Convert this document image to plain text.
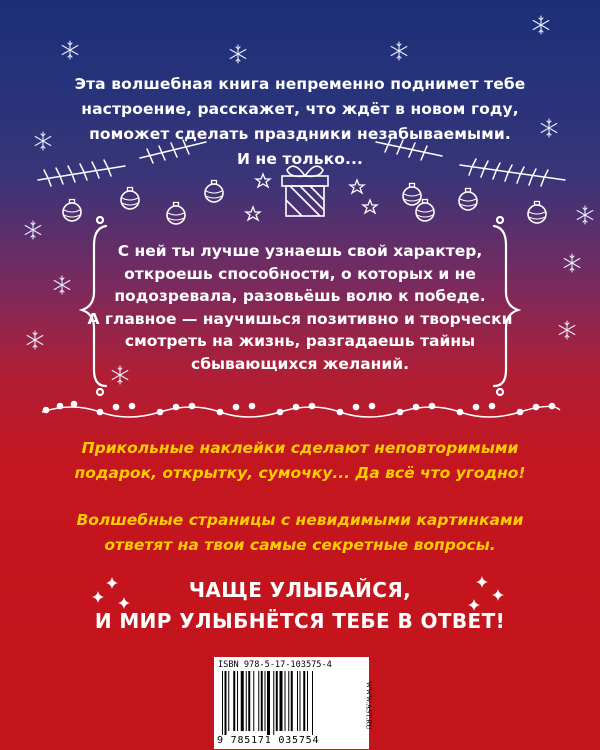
Эта волшебная книга непременно поднимет тебе
настроение, расскажет, что ждёт в новом году,
поможет сделать праздники незабываемыми.
И не только...
С ней ты лучше узнаешь свой характер,
откроешь способности, о которых и не
подозревала, разовьёшь волю к победе.
А главное — научишься позитивно и творчески
смотреть на жизнь, разгадаешь тайны
сбывающихся желаний.
Прикольные наклейки сделают неповторимыми
подарок, открытку, сумочку... Да всё что угодно!
Волшебные страницы с невидимыми картинками
ответят на твои самые секретные вопросы.
ЧАЩЕ УЛЫБАЙСЯ,
И МИР УЛЫБНЁТСЯ ТЕБЕ В ОТВЕТ!
ISBN 978-5-17-103575-4
9 785171 035754
WWW.AST.RU
